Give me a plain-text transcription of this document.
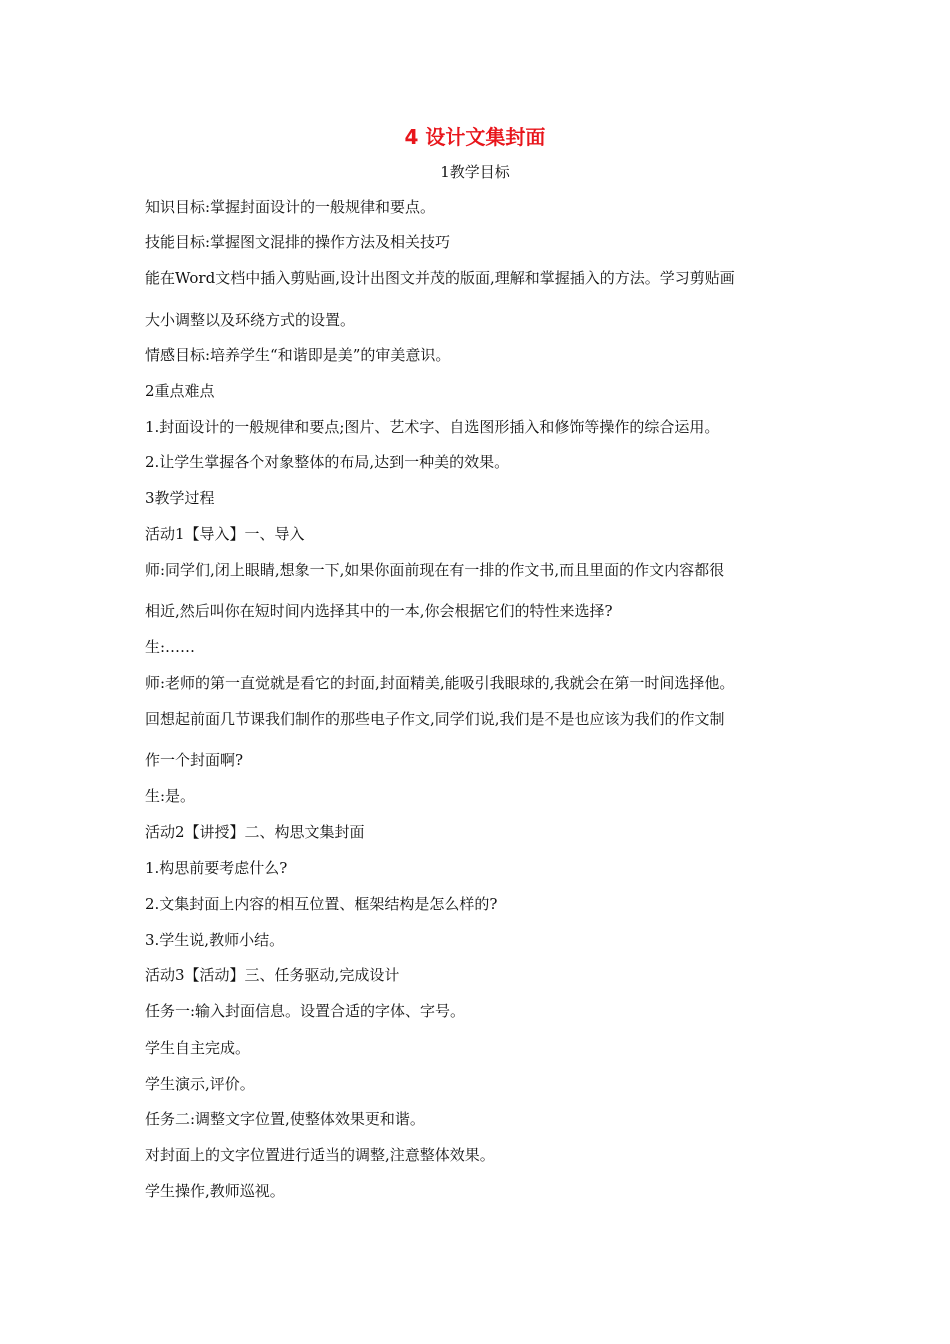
4 设计文集封面
1教学目标
知识目标:掌握封面设计的一般规律和要点。
技能目标:掌握图文混排的操作方法及相关技巧
能在Word文档中插入剪贴画,设计出图文并茂的版面,理解和掌握插入的方法。学习剪贴画
大小调整以及环绕方式的设置。
情感目标:培养学生“和谐即是美”的审美意识。
2重点难点
1.封面设计的一般规律和要点;图片、艺术字、自选图形插入和修饰等操作的综合运用。
2.让学生掌握各个对象整体的布局,达到一种美的效果。
3教学过程
活动1【导入】一、导入
师:同学们,闭上眼睛,想象一下,如果你面前现在有一排的作文书,而且里面的作文内容都很
相近,然后叫你在短时间内选择其中的一本,你会根据它们的特性来选择?
生:……
师:老师的第一直觉就是看它的封面,封面精美,能吸引我眼球的,我就会在第一时间选择他。
回想起前面几节课我们制作的那些电子作文,同学们说,我们是不是也应该为我们的作文制
作一个封面啊?
生:是。
活动2【讲授】二、构思文集封面
1.构思前要考虑什么?
2.文集封面上内容的相互位置、框架结构是怎么样的?
3.学生说,教师小结。
活动3【活动】三、任务驱动,完成设计
任务一:输入封面信息。设置合适的字体、字号。
学生自主完成。
学生演示,评价。
任务二:调整文字位置,使整体效果更和谐。
对封面上的文字位置进行适当的调整,注意整体效果。
学生操作,教师巡视。
